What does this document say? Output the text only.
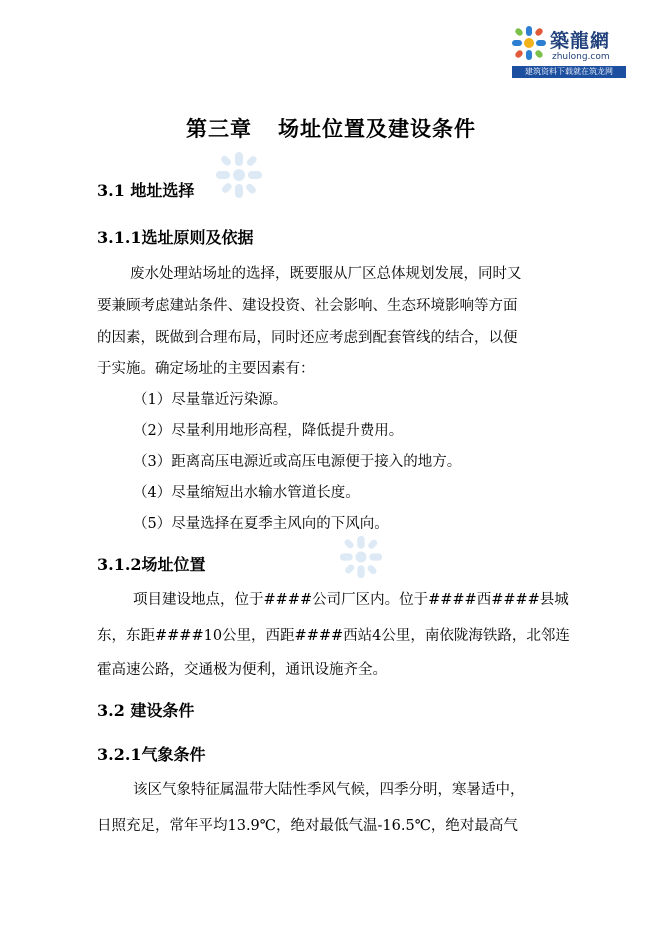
築龍網
zhulong.com
建筑资料下载就在筑龙网
第三章 场址位置及建设条件
3.1 地址选择
3.1.1选址原则及依据
废水处理站场址的选择，既要服从厂区总体规划发展，同时又
要兼顾考虑建站条件、建设投资、社会影响、生态环境影响等方面
的因素，既做到合理布局，同时还应考虑到配套管线的结合，以便
于实施。确定场址的主要因素有：
（1）尽量靠近污染源。
（2）尽量利用地形高程，降低提升费用。
（3）距离高压电源近或高压电源便于接入的地方。
（4）尽量缩短出水输水管道长度。
（5）尽量选择在夏季主风向的下风向。
3.1.2场址位置
项目建设地点，位于####公司厂区内。位于####西####县城
东，东距####10公里，西距####西站4公里，南依陇海铁路，北邻连
霍高速公路，交通极为便利，通讯设施齐全。
3.2 建设条件
3.2.1气象条件
该区气象特征属温带大陆性季风气候，四季分明，寒暑适中，
日照充足，常年平均13.9℃，绝对最低气温-16.5℃，绝对最高气
